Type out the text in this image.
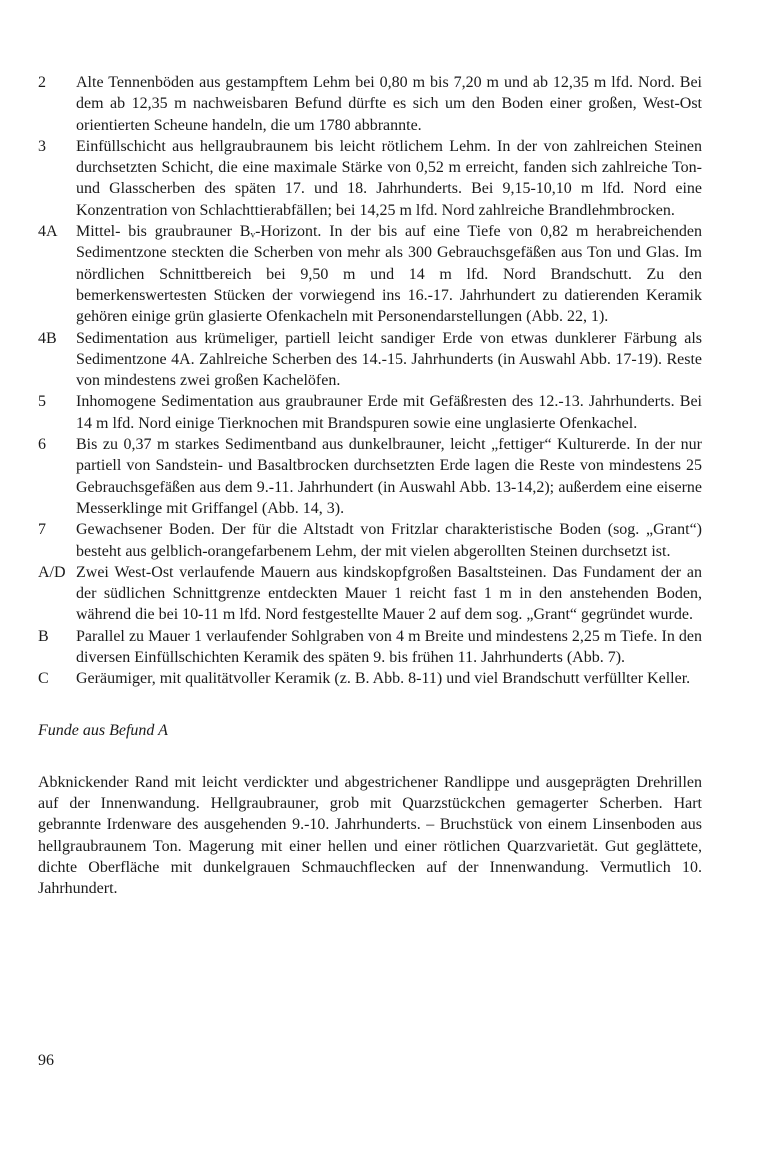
2	Alte Tennenböden aus gestampftem Lehm bei 0,80 m bis 7,20 m und ab 12,35 m lfd. Nord. Bei dem ab 12,35 m nachweisbaren Befund dürfte es sich um den Boden einer großen, West-Ost orientierten Scheune handeln, die um 1780 abbrannte.
3	Einfüllschicht aus hellgraubraunem bis leicht rötlichem Lehm. In der von zahlreichen Steinen durchsetzten Schicht, die eine maximale Stärke von 0,52 m erreicht, fanden sich zahlreiche Ton- und Glasscherben des späten 17. und 18. Jahrhunderts. Bei 9,15-10,10 m lfd. Nord eine Konzentration von Schlachttierabfällen; bei 14,25 m lfd. Nord zahlreiche Brandlehmbrocken.
4A	Mittel- bis graubrauner Bᵥ-Horizont. In der bis auf eine Tiefe von 0,82 m herabreichenden Sedimentzone steckten die Scherben von mehr als 300 Gebrauchsgefäßen aus Ton und Glas. Im nördlichen Schnittbereich bei 9,50 m und 14 m lfd. Nord Brandschutt. Zu den bemerkenswertesten Stücken der vorwiegend ins 16.-17. Jahrhundert zu datierenden Keramik gehören einige grün glasierte Ofenkacheln mit Personendarstellungen (Abb. 22, 1).
4B	Sedimentation aus krümeliger, partiell leicht sandiger Erde von etwas dunklerer Färbung als Sedimentzone 4A. Zahlreiche Scherben des 14.-15. Jahrhunderts (in Auswahl Abb. 17-19). Reste von mindestens zwei großen Kachelöfen.
5	Inhomogene Sedimentation aus graubrauner Erde mit Gefäßresten des 12.-13. Jahrhunderts. Bei 14 m lfd. Nord einige Tierknochen mit Brandspuren sowie eine unglasierte Ofenkachel.
6	Bis zu 0,37 m starkes Sedimentband aus dunkelbrauner, leicht „fettiger“ Kulturerde. In der nur partiell von Sandstein- und Basaltbrocken durchsetzten Erde lagen die Reste von mindestens 25 Gebrauchsgefäßen aus dem 9.-11. Jahrhundert (in Auswahl Abb. 13-14,2); außerdem eine eiserne Messerklinge mit Griffangel (Abb. 14, 3).
7	Gewachsener Boden. Der für die Altstadt von Fritzlar charakteristische Boden (sog. „Grant“) besteht aus gelblich-orangefarbenem Lehm, der mit vielen abgerollten Steinen durchsetzt ist.
A/D Zwei West-Ost verlaufende Mauern aus kindskopfgroßen Basaltsteinen. Das Fundament der an der südlichen Schnittgrenze entdeckten Mauer 1 reicht fast 1 m in den anstehenden Boden, während die bei 10-11 m lfd. Nord festgestellte Mauer 2 auf dem sog. „Grant“ gegründet wurde.
B	Parallel zu Mauer 1 verlaufender Sohlgraben von 4 m Breite und mindestens 2,25 m Tiefe. In den diversen Einfüllschichten Keramik des späten 9. bis frühen 11. Jahrhunderts (Abb. 7).
C	Geräumiger, mit qualitätvoller Keramik (z. B. Abb. 8-11) und viel Brandschutt verfüllter Keller.
Funde aus Befund A
Abknickender Rand mit leicht verdickter und abgestrichener Randlippe und ausgeprägten Drehrillen auf der Innenwandung. Hellgraubrauner, grob mit Quarzstückchen gemagerter Scherben. Hart gebrannte Irdenware des ausgehenden 9.-10. Jahrhunderts. – Bruchstück von einem Linsenboden aus hellgraubraunem Ton. Magerung mit einer hellen und einer rötlichen Quarzvarietät. Gut geglättete, dichte Oberfläche mit dunkelgrauen Schmauchflecken auf der Innenwandung. Vermutlich 10. Jahrhundert.
96
